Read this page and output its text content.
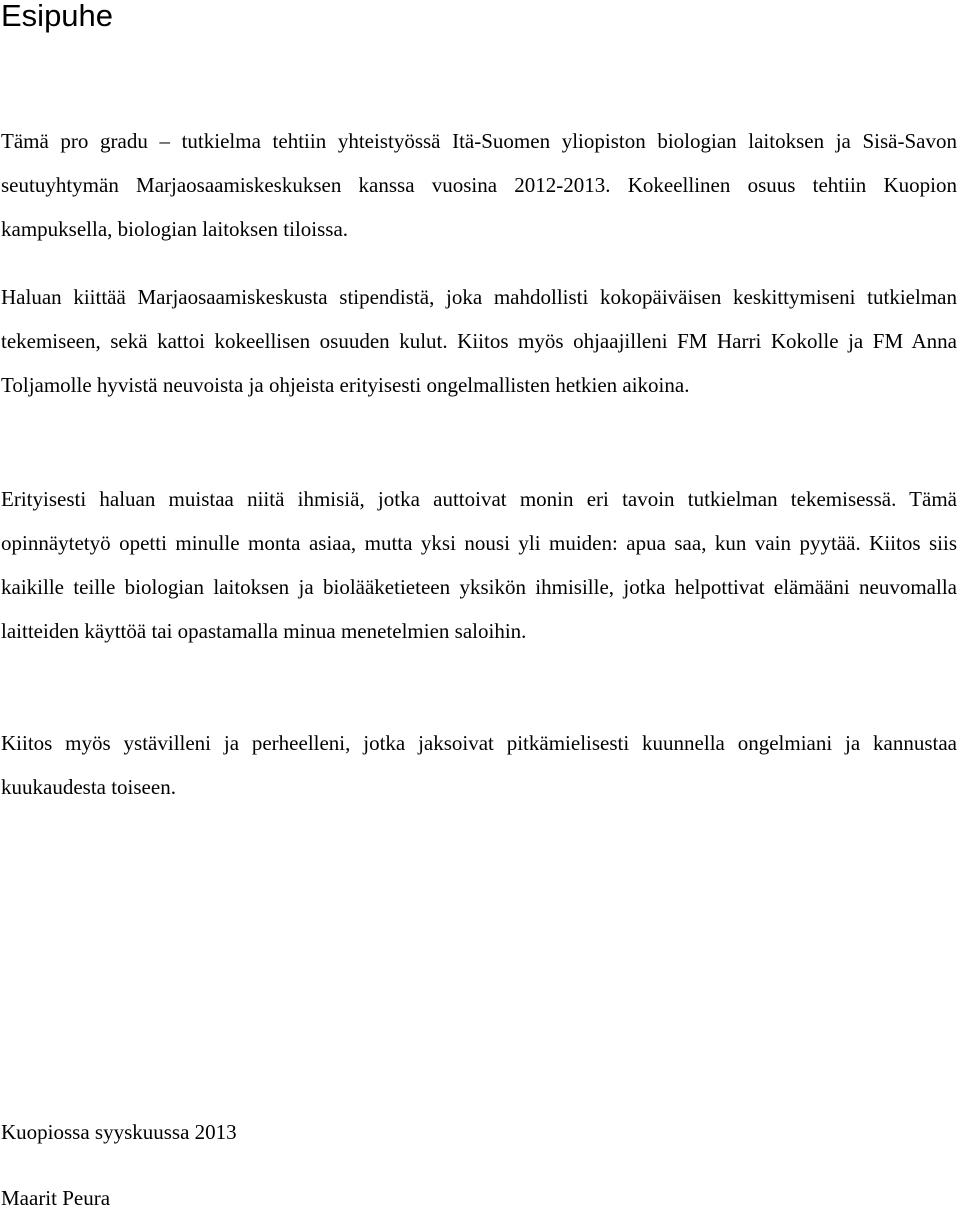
Esipuhe

Tämä pro gradu – tutkielma tehtiin yhteistyössä Itä-Suomen yliopiston biologian laitoksen ja Sisä-Savon seutuyhtymän Marjaosaamiskeskuksen kanssa vuosina 2012-2013. Kokeellinen osuus tehtiin Kuopion kampuksella, biologian laitoksen tiloissa.

Haluan kiittää Marjaosaamiskeskusta stipendistä, joka mahdollisti kokopäiväisen keskittymiseni tutkielman tekemiseen, sekä kattoi kokeellisen osuuden kulut. Kiitos myös ohjaajilleni FM Harri Kokolle ja FM Anna Toljamolle hyvistä neuvoista ja ohjeista erityisesti ongelmallisten hetkien aikoina.

Erityisesti haluan muistaa niitä ihmisiä, jotka auttoivat monin eri tavoin tutkielman tekemisessä. Tämä opinnäytetyö opetti minulle monta asiaa, mutta yksi nousi yli muiden: apua saa, kun vain pyytää. Kiitos siis kaikille teille biologian laitoksen ja biolääketieteen yksikön ihmisille, jotka helpottivat elämääni neuvomalla laitteiden käyttöä tai opastamalla minua menetelmien saloihin.

Kiitos myös ystävilleni ja perheelleni, jotka jaksoivat pitkämielisesti kuunnella ongelmiani ja kannustaa kuukaudesta toiseen.

Kuopiossa syyskuussa 2013

Maarit Peura
